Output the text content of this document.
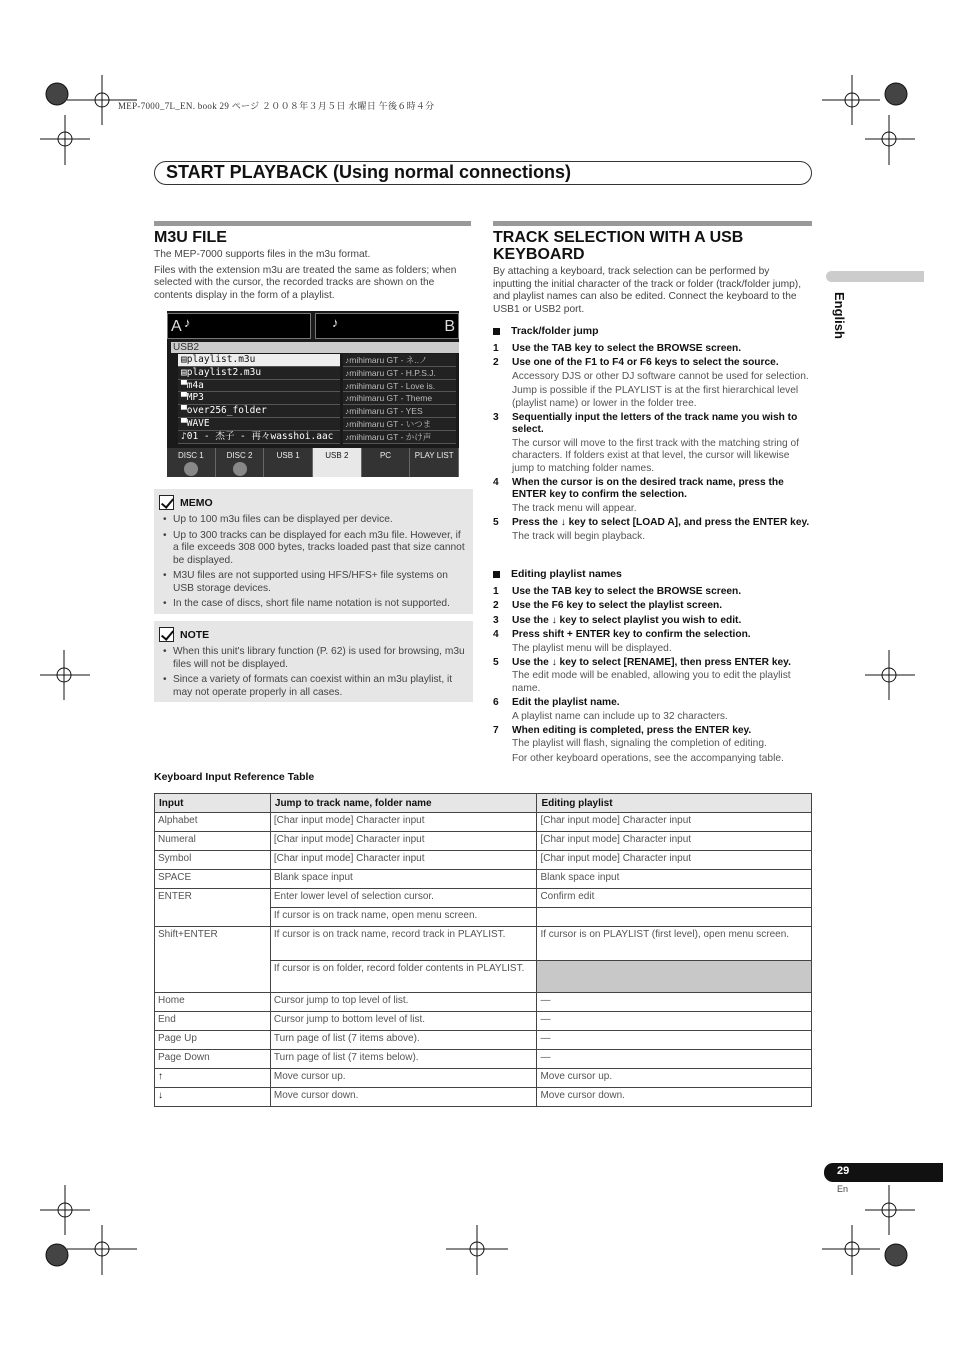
MEP-7000_7L_EN. book 29 ページ ２００８年３月５日 水曜日 午後６時４分
START PLAYBACK (Using normal connections)
English
M3U FILE

The MEP-7000 supports files in the m3u format.

Files with the extension m3u are treated the same as folders; when selected with the cursor, the recorded tracks are shown on the contents display in the form of a playlist.

A ♪	♪	B
USB2
▤playlist.m3u
▤playlist2.m3u
▀m4a
▀MP3
▀over256_folder
▀WAVE
♪01 - 杰子 - 再々wasshoi.aac
♪mihimaru GT - ネ..ノ
♪mihimaru GT - H.P.S.J.
♪mihimaru GT - Love is.
♪mihimaru GT - Theme
♪mihimaru GT - YES
♪mihimaru GT - いつま
♪mihimaru GT - かけ声
DISC 1	DISC 2	USB 1	USB 2	PC	PLAY LIST
MEMO
• Up to 100 m3u files can be displayed per device.
• Up to 300 tracks can be displayed for each m3u file. However, if a file exceeds 308 000 bytes, tracks loaded past that size cannot be displayed.
• M3U files are not supported using HFS/HFS+ file systems on USB storage devices.
• In the case of discs, short file name notation is not supported.
NOTE
• When this unit's library function (P. 62) is used for browsing, m3u files will not be displayed.
• Since a variety of formats can coexist within an m3u playlist, it may not operate properly in all cases.
TRACK SELECTION WITH A USB
KEYBOARD
By attaching a keyboard, track selection can be performed by inputting the initial character of the track or folder (track/folder jump), and playlist names can also be edited. Connect the keyboard to the USB1 or USB2 port.
Track/folder jump
1	Use the TAB key to select the BROWSE screen.
2	Use one of the F1 to F4 or F6 keys to select the source.
Accessory DJS or other DJ software cannot be used for selection.
Jump is possible if the PLAYLIST is at the first hierarchical level (playlist name) or lower in the folder tree.
3	Sequentially input the letters of the track name you wish to select.
The cursor will move to the first track with the matching string of characters. If folders exist at that level, the cursor will likewise jump to matching folder names.
4	When the cursor is on the desired track name, press the ENTER key to confirm the selection.
The track menu will appear.
5	Press the ↓ key to select [LOAD A], and press the ENTER key.
The track will begin playback.
Editing playlist names
1	Use the TAB key to select the BROWSE screen.
2	Use the F6 key to select the playlist screen.
3	Use the ↓ key to select playlist you wish to edit.
4	Press shift + ENTER key to confirm the selection.
The playlist menu will be displayed.
5	Use the ↓ key to select [RENAME], then press ENTER key.
The edit mode will be enabled, allowing you to edit the playlist name.
6	Edit the playlist name.
A playlist name can include up to 32 characters.
7	When editing is completed, press the ENTER key.
The playlist will flash, signaling the completion of editing.
For other keyboard operations, see the accompanying table.
Keyboard Input Reference Table
Input	Jump to track name, folder name	Editing playlist
Alphabet	[Char input mode] Character input	[Char input mode] Character input
Numeral	[Char input mode] Character input	[Char input mode] Character input
Symbol	[Char input mode] Character input	[Char input mode] Character input
SPACE	Blank space input	Blank space input
ENTER	Enter lower level of selection cursor.	Confirm edit
	If cursor is on track name, open menu screen.	
Shift+ENTER	If cursor is on track name, record track in PLAYLIST.	If cursor is on PLAYLIST (first level), open menu screen.
	If cursor is on folder, record folder contents in PLAYLIST.	
Home	Cursor jump to top level of list.	—
End	Cursor jump to bottom level of list.	—
Page Up	Turn page of list (7 items above).	—
Page Down	Turn page of list (7 items below).	—
↑	Move cursor up.	Move cursor up.
↓	Move cursor down.	Move cursor down.
29
En
